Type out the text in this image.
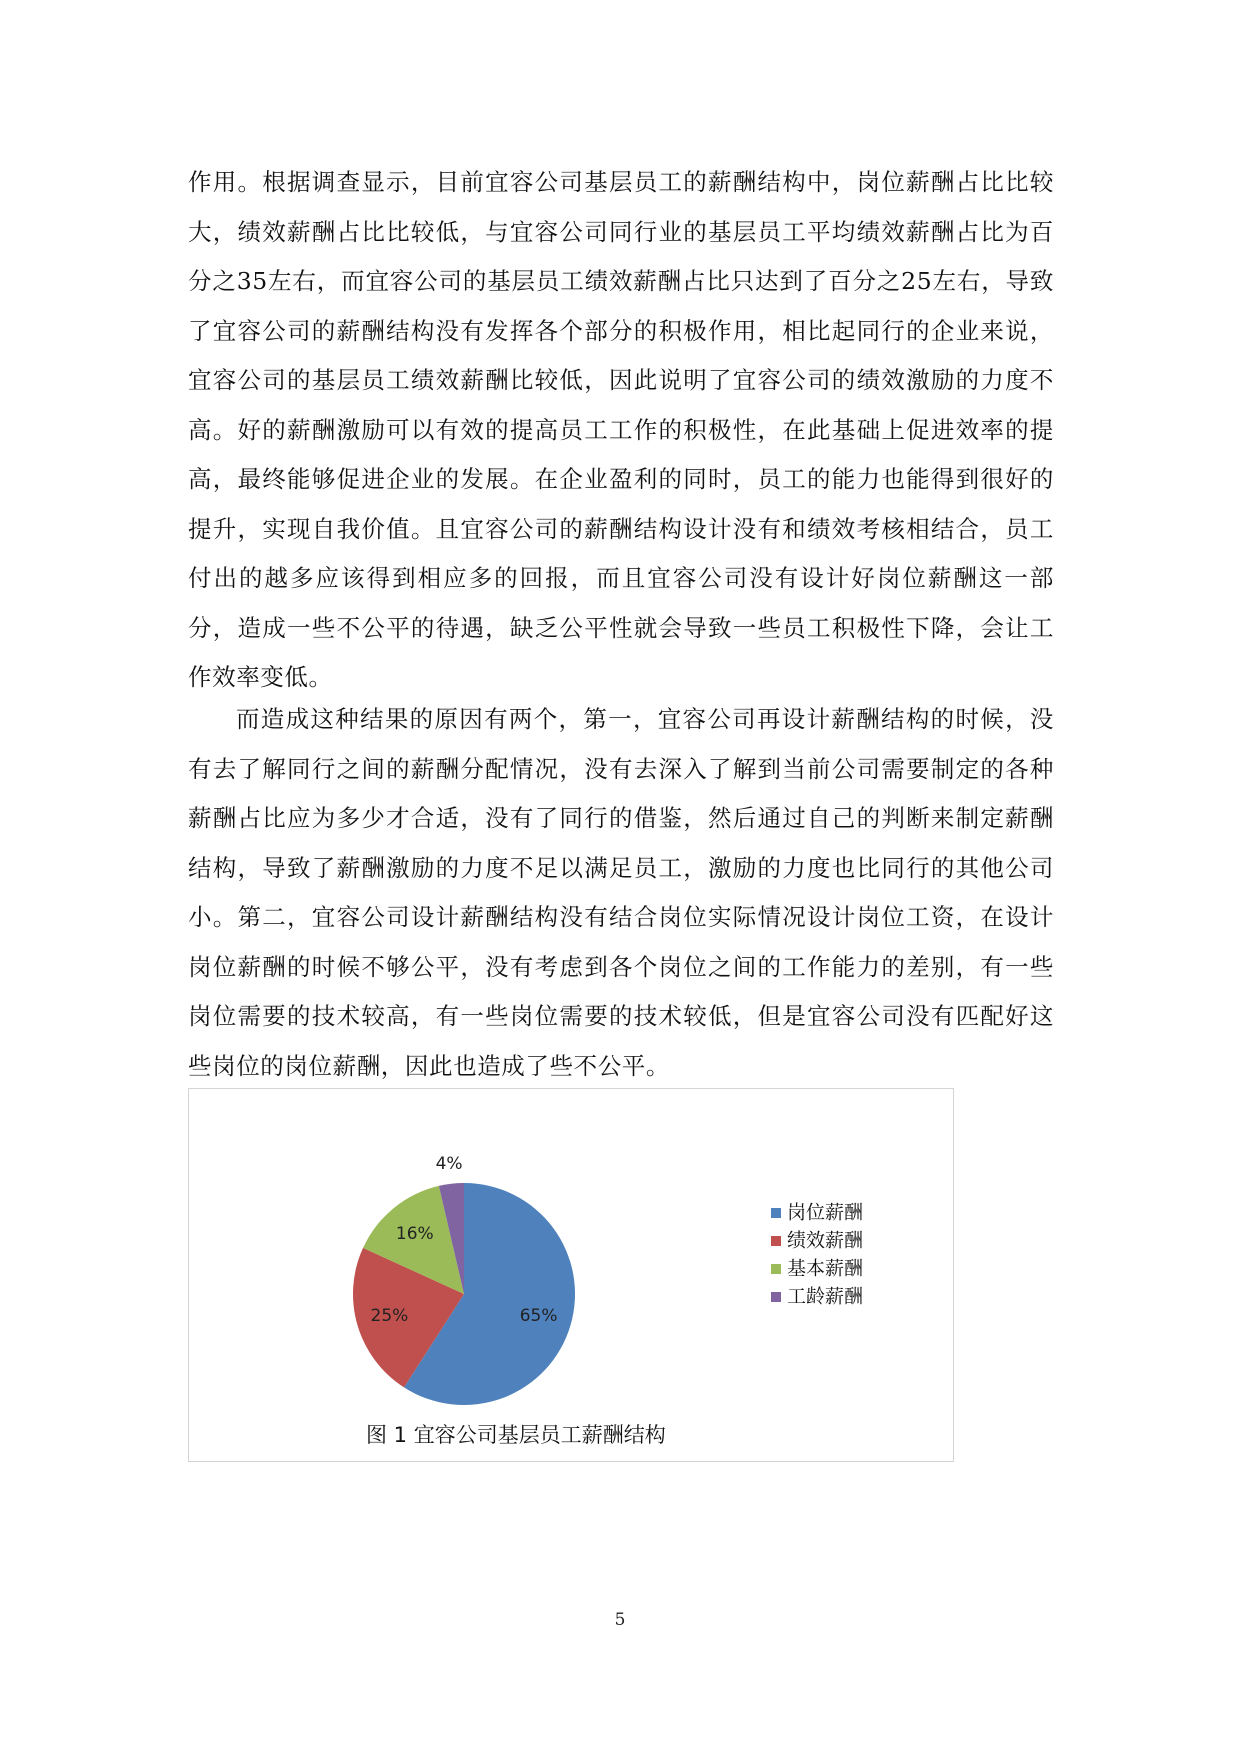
作用。根据调查显示，目前宜容公司基层员工的薪酬结构中，岗位薪酬占比比较大，绩效薪酬占比比较低，与宜容公司同行业的基层员工平均绩效薪酬占比为百分之35左右，而宜容公司的基层员工绩效薪酬占比只达到了百分之25左右，导致了宜容公司的薪酬结构没有发挥各个部分的积极作用，相比起同行的企业来说，宜容公司的基层员工绩效薪酬比较低，因此说明了宜容公司的绩效激励的力度不高。好的薪酬激励可以有效的提高员工工作的积极性，在此基础上促进效率的提高，最终能够促进企业的发展。在企业盈利的同时，员工的能力也能得到很好的提升，实现自我价值。且宜容公司的薪酬结构设计没有和绩效考核相结合，员工付出的越多应该得到相应多的回报，而且宜容公司没有设计好岗位薪酬这一部分，造成一些不公平的待遇，缺乏公平性就会导致一些员工积极性下降，会让工作效率变低。

而造成这种结果的原因有两个，第一，宜容公司再设计薪酬结构的时候，没有去了解同行之间的薪酬分配情况，没有去深入了解到当前公司需要制定的各种薪酬占比应为多少才合适，没有了同行的借鉴，然后通过自己的判断来制定薪酬结构，导致了薪酬激励的力度不足以满足员工，激励的力度也比同行的其他公司小。第二，宜容公司设计薪酬结构没有结合岗位实际情况设计岗位工资，在设计岗位薪酬的时候不够公平，没有考虑到各个岗位之间的工作能力的差别，有一些岗位需要的技术较高，有一些岗位需要的技术较低，但是宜容公司没有匹配好这些岗位的岗位薪酬，因此也造成了些不公平。

65%
25%
16%
4%
岗位薪酬
绩效薪酬
基本薪酬
工龄薪酬
图 1 宜容公司基层员工薪酬结构
5
